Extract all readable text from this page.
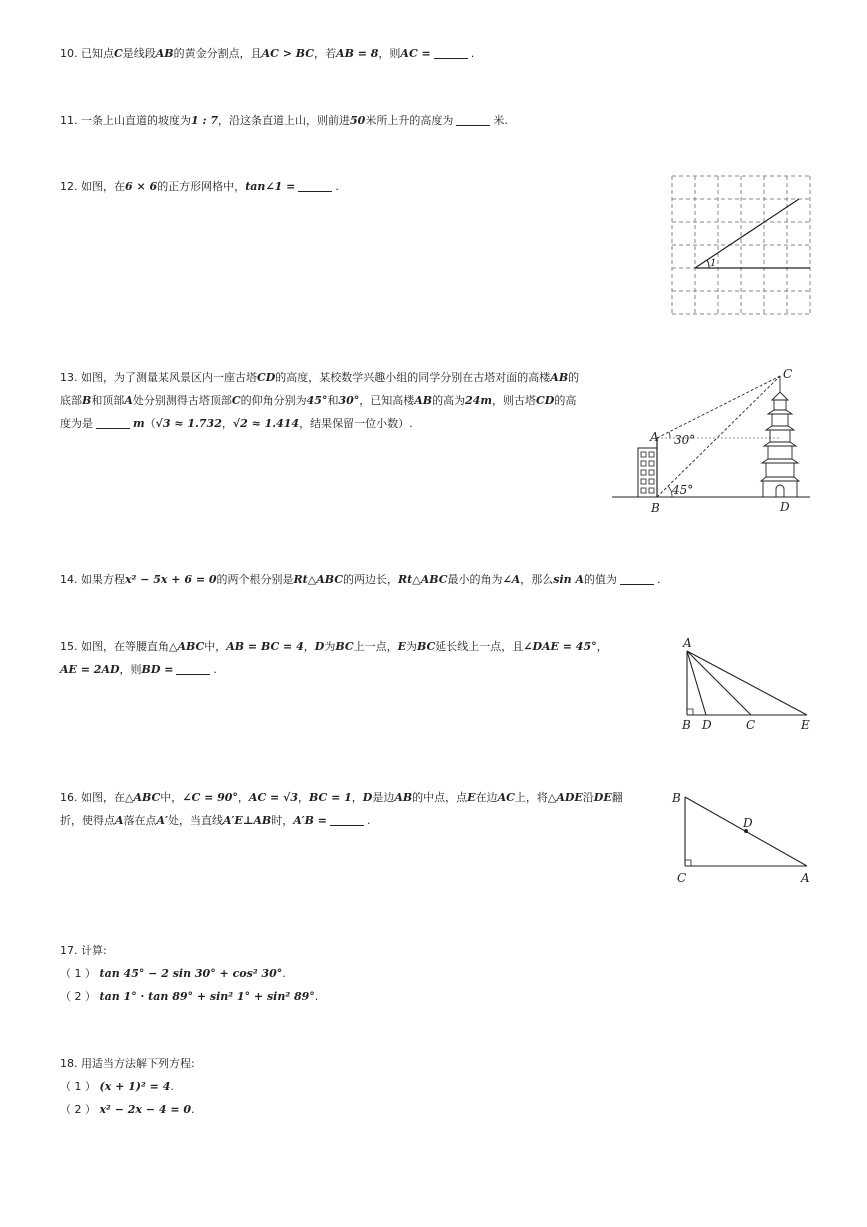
10. 已知点C是线段AB的黄金分割点，且AC > BC，若AB = 8，则AC =	.
11. 一条上山直道的坡度为1 : 7，沿这条直道上山，则前进50米所上升的高度为	米.
12. 如图，在6 × 6的正方形网格中，tan∠1 =	.
1
13. 如图，为了测量某风景区内一座古塔CD的高度，某校数学兴趣小组的同学分别在古塔对面的高楼AB的
底部B和顶部A处分别测得古塔顶部C的仰角分别为45°和30°，已知高楼AB的高为24m，则古塔CD的高
度为是	m（√3 ≈ 1.732，√2 ≈ 1.414，结果保留一位小数）.
A
B
C
D
30°
45°
14. 如果方程x² − 5x + 6 = 0的两个根分别是Rt△ABC的两边长，Rt△ABC最小的角为∠A，那么sin A的值为	.
15. 如图，在等腰直角△ABC中，AB = BC = 4，D为BC上一点，E为BC延长线上一点，且∠DAE = 45°，
AE = 2AD，则BD =	.
A
B D	C	E
16. 如图，在△ABC中，∠C = 90°，AC = √3，BC = 1，D是边AB的中点，点E在边AC上，将△ADE沿DE翻
折，使得点A落在点A′处，当直线A′E⊥AB时，A′B =	.
B
D
C	A
17. 计算:
（ 1 ） tan 45° − 2 sin 30° + cos² 30°.
（ 2 ） tan 1° · tan 89° + sin² 1° + sin² 89°.
18. 用适当方法解下列方程:
（ 1 ） (x + 1)² = 4.
（ 2 ） x² − 2x − 4 = 0.
